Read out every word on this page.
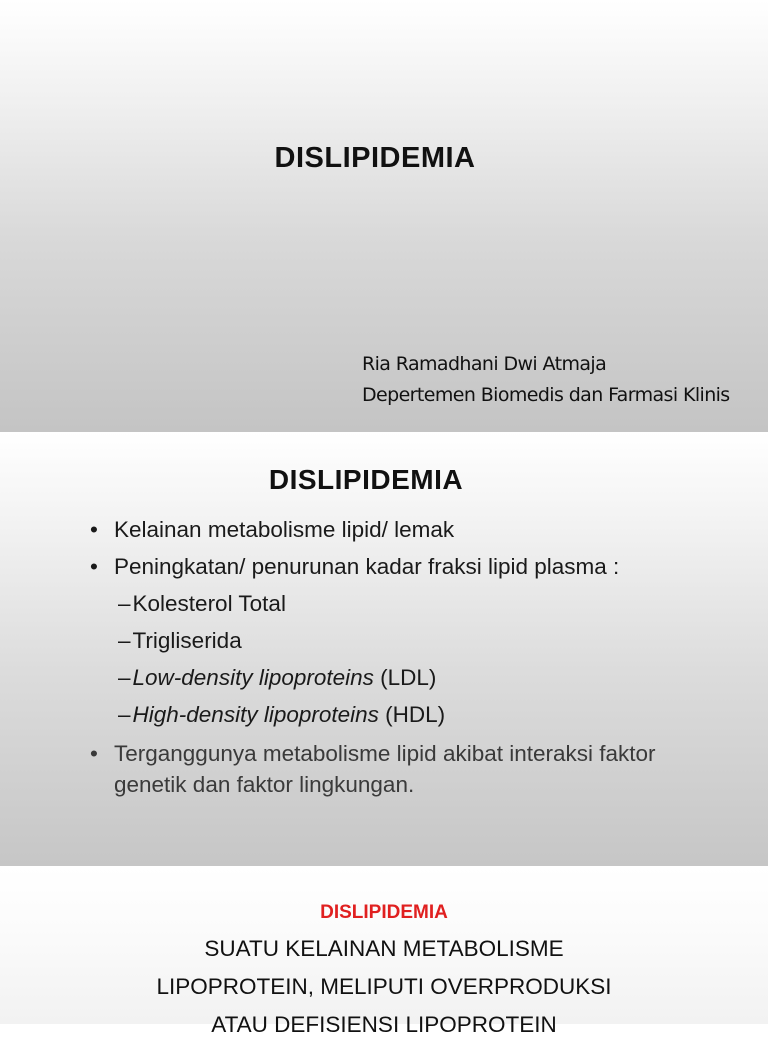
DISLIPIDEMIA
Ria Ramadhani Dwi Atmaja
Depertemen Biomedis dan Farmasi Klinis
DISLIPIDEMIA
• Kelainan metabolisme lipid/ lemak
• Peningkatan/ penurunan kadar fraksi lipid plasma :
–Kolesterol Total
–Trigliserida
–Low-density lipoproteins (LDL)
–High-density lipoproteins (HDL)
• Terganggunya metabolisme lipid akibat interaksi faktor genetik dan faktor lingkungan.
DISLIPIDEMIA
SUATU KELAINAN METABOLISME
LIPOPROTEIN, MELIPUTI OVERPRODUKSI
ATAU DEFISIENSI LIPOPROTEIN
